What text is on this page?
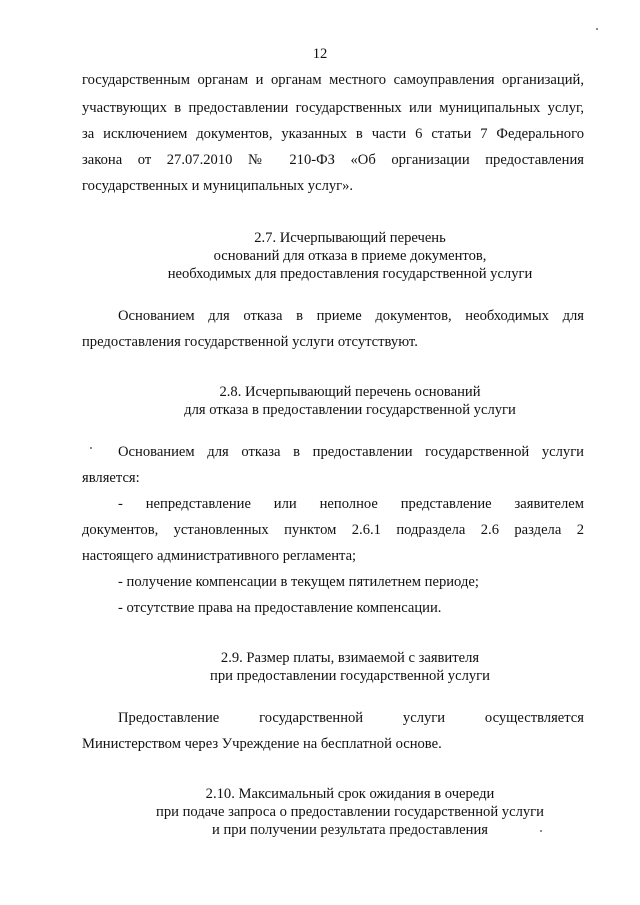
12
государственным органам и органам местного самоуправления организаций,
участвующих в предоставлении государственных или муниципальных услуг,
за исключением документов, указанных в части 6 статьи 7 Федерального
закона от 27.07.2010 № 210-ФЗ «Об организации предоставления
государственных и муниципальных услуг».
2.7. Исчерпывающий перечень
оснований для отказа в приеме документов,
необходимых для предоставления государственной услуги
Основанием для отказа в приеме документов, необходимых для
предоставления государственной услуги отсутствуют.
2.8. Исчерпывающий перечень оснований
для отказа в предоставлении государственной услуги
Основанием для отказа в предоставлении государственной услуги
является:
- непредставление или неполное представление заявителем
документов, установленных пунктом 2.6.1 подраздела 2.6 раздела 2
настоящего административного регламента;
- получение компенсации в текущем пятилетнем периоде;
- отсутствие права на предоставление компенсации.
2.9. Размер платы, взимаемой с заявителя
при предоставлении государственной услуги
Предоставление государственной услуги осуществляется
Министерством через Учреждение на бесплатной основе.
2.10. Максимальный срок ожидания в очереди
при подаче запроса о предоставлении государственной услуги
и при получении результата предоставления
